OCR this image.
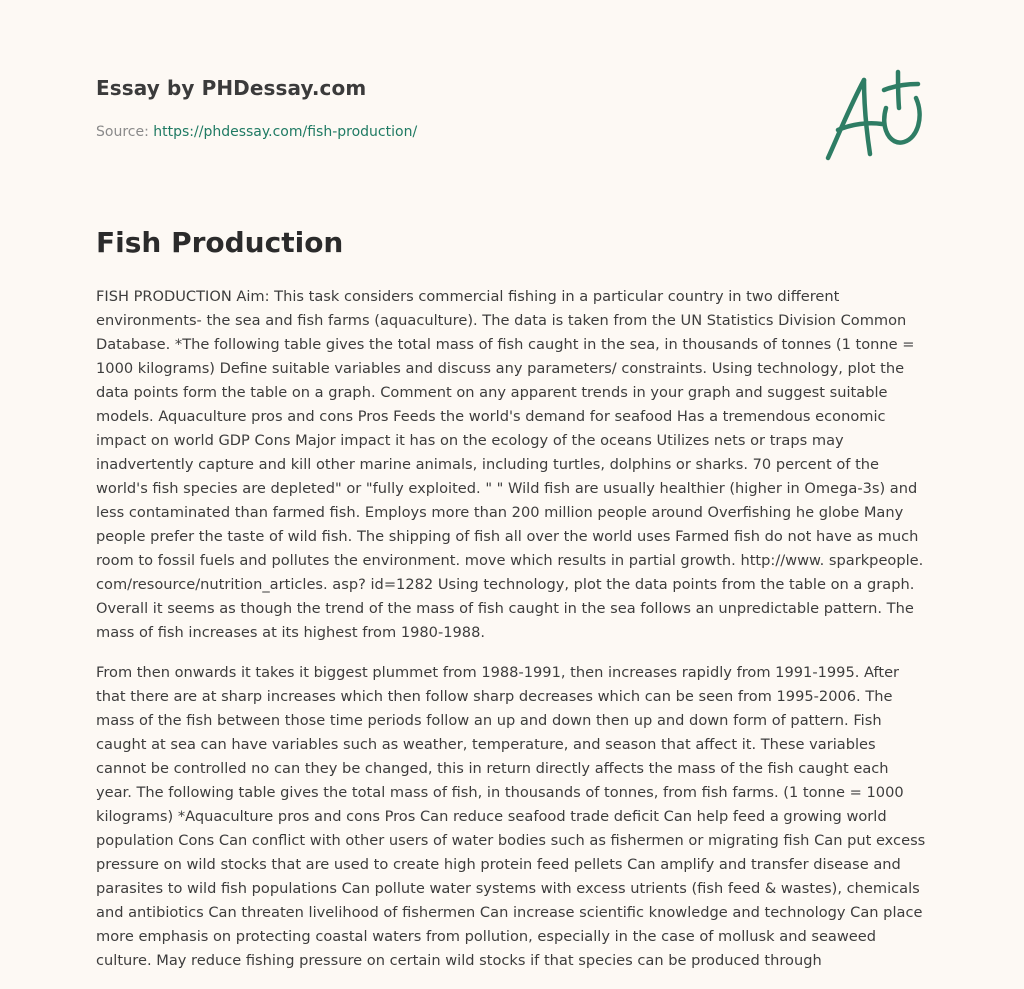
Essay by PHDessay.com
Source: https://phdessay.com/fish-production/
Fish Production

FISH PRODUCTION Aim: This task considers commercial fishing in a particular country in two different environments- the sea and fish farms (aquaculture). The data is taken from the UN Statistics Division Common Database. *The following table gives the total mass of fish caught in the sea, in thousands of tonnes (1 tonne = 1000 kilograms) Define suitable variables and discuss any parameters/ constraints. Using technology, plot the data points form the table on a graph. Comment on any apparent trends in your graph and suggest suitable models. Aquaculture pros and cons Pros Feeds the world's demand for seafood Has a tremendous economic impact on world GDP Cons Major impact it has on the ecology of the oceans Utilizes nets or traps may inadvertently capture and kill other marine animals, including turtles, dolphins or sharks. 70 percent of the world's fish species are depleted" or "fully exploited. " " Wild fish are usually healthier (higher in Omega-3s) and less contaminated than farmed fish. Employs more than 200 million people around Overfishing he globe Many people prefer the taste of wild fish. The shipping of fish all over the world uses Farmed fish do not have as much room to fossil fuels and pollutes the environment. move which results in partial growth. http://www. sparkpeople. com/resource/nutrition_articles. asp? id=1282 Using technology, plot the data points from the table on a graph. Overall it seems as though the trend of the mass of fish caught in the sea follows an unpredictable pattern. The mass of fish increases at its highest from 1980-1988.

From then onwards it takes it biggest plummet from 1988-1991, then increases rapidly from 1991-1995. After that there are at sharp increases which then follow sharp decreases which can be seen from 1995-2006. The mass of the fish between those time periods follow an up and down then up and down form of pattern. Fish caught at sea can have variables such as weather, temperature, and season that affect it. These variables cannot be controlled no can they be changed, this in return directly affects the mass of the fish caught each year. The following table gives the total mass of fish, in thousands of tonnes, from fish farms. (1 tonne = 1000 kilograms) *Aquaculture pros and cons Pros Can reduce seafood trade deficit Can help feed a growing world population Cons Can conflict with other users of water bodies such as fishermen or migrating fish Can put excess pressure on wild stocks that are used to create high protein feed pellets Can amplify and transfer disease and parasites to wild fish populations Can pollute water systems with excess utrients (fish feed & wastes), chemicals and antibiotics Can threaten livelihood of fishermen Can increase scientific knowledge and technology Can place more emphasis on protecting coastal waters from pollution, especially in the case of mollusk and seaweed culture. May reduce fishing pressure on certain wild stocks if that species can be produced through
